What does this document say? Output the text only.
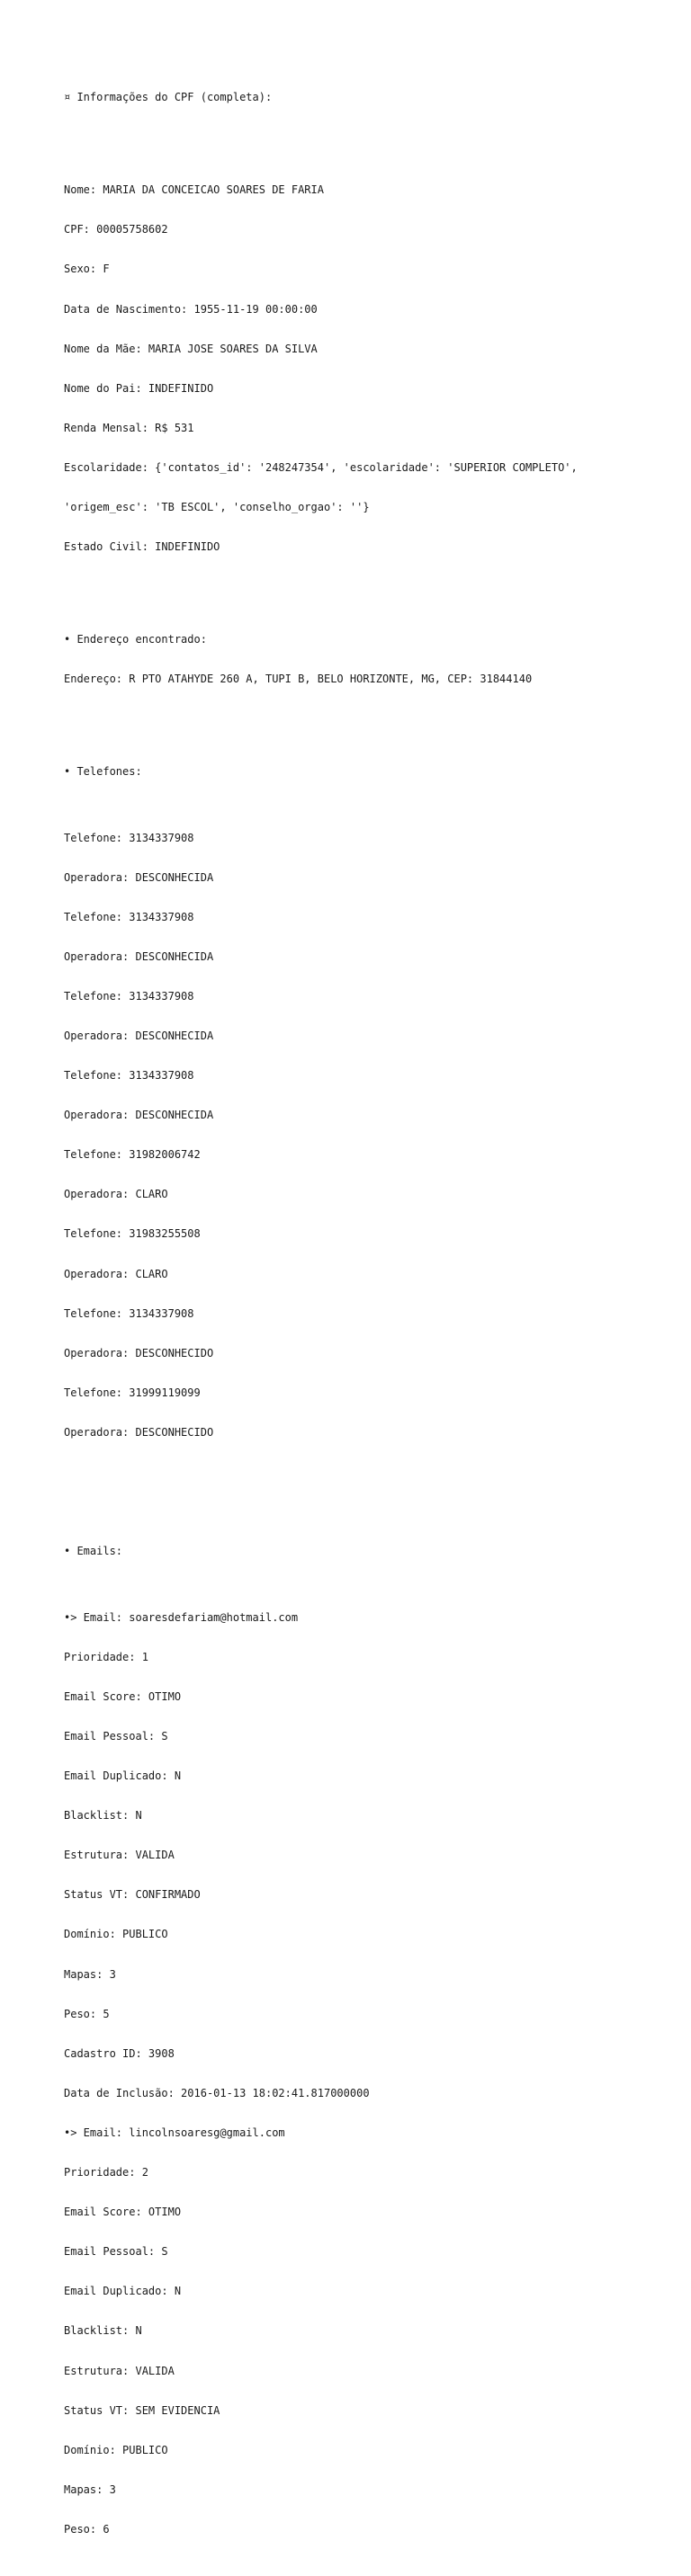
¤ Informações do CPF (completa):

Nome: MARIA DA CONCEICAO SOARES DE FARIA

CPF: 00005758602

Sexo: F

Data de Nascimento: 1955-11-19 00:00:00

Nome da Mãe: MARIA JOSE SOARES DA SILVA

Nome do Pai: INDEFINIDO

Renda Mensal: R$ 531

Escolaridade: {'contatos_id': '248247354', 'escolaridade': 'SUPERIOR COMPLETO',

'origem_esc': 'TB ESCOL', 'conselho_orgao': ''}

Estado Civil: INDEFINIDO

• Endereço encontrado:

Endereço: R PTO ATAHYDE 260 A, TUPI B, BELO HORIZONTE, MG, CEP: 31844140

• Telefones:

Telefone: 3134337908

Operadora: DESCONHECIDA

Telefone: 3134337908

Operadora: DESCONHECIDA

Telefone: 3134337908

Operadora: DESCONHECIDA

Telefone: 3134337908

Operadora: DESCONHECIDA

Telefone: 31982006742

Operadora: CLARO

Telefone: 31983255508

Operadora: CLARO

Telefone: 3134337908

Operadora: DESCONHECIDO

Telefone: 31999119099

Operadora: DESCONHECIDO

• Emails:

•> Email: soaresdefariam@hotmail.com

Prioridade: 1

Email Score: OTIMO

Email Pessoal: S

Email Duplicado: N

Blacklist: N

Estrutura: VALIDA

Status VT: CONFIRMADO

Domínio: PUBLICO

Mapas: 3

Peso: 5

Cadastro ID: 3908

Data de Inclusão: 2016-01-13 18:02:41.817000000

•> Email: lincolnsoaresg@gmail.com

Prioridade: 2

Email Score: OTIMO

Email Pessoal: S

Email Duplicado: N

Blacklist: N

Estrutura: VALIDA

Status VT: SEM EVIDENCIA

Domínio: PUBLICO

Mapas: 3

Peso: 6
